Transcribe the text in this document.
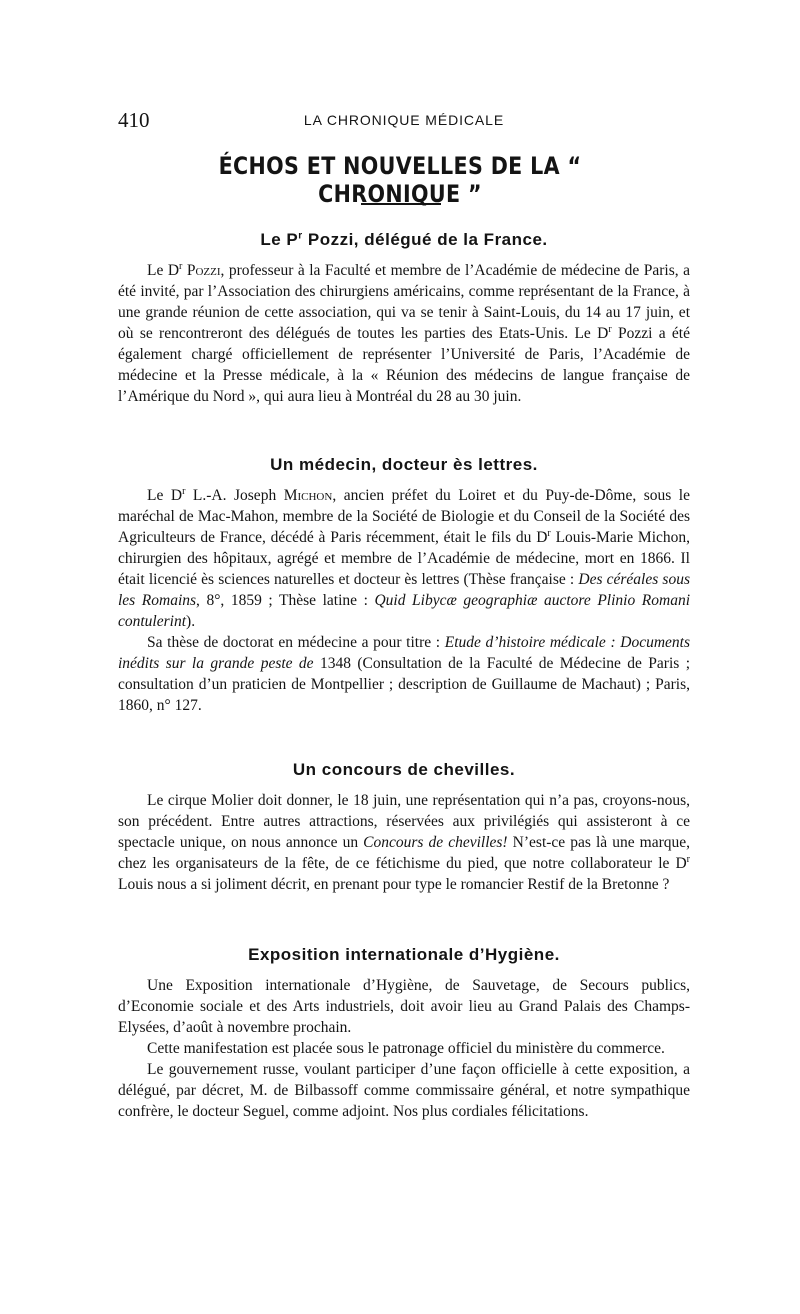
410	LA CHRONIQUE MÉDICALE
ÉCHOS ET NOUVELLES DE LA “ CHRONIQUE ”
Le $P^r$ Pozzi, délégué de la France.

Le $D^r$ Pozzi, professeur à la Faculté et membre de l’Académie de médecine de Paris, a été invité, par l’Association des chirurgiens américains, comme représentant de la France, à une grande réunion de cette association, qui va se tenir à Saint-Louis, du 14 au 17 juin, et où se rencontreront des délégués de toutes les parties des Etats-Unis. Le $D^r$ Pozzi a été également chargé officiellement de représenter l’Université de Paris, l’Académie de médecine et la Presse médicale, à la « Réunion des médecins de langue française de l’Amérique du Nord », qui aura lieu à Montréal du 28 au 30 juin.

Un médecin, docteur ès lettres.

Le $D^r$ L.-A. Joseph Michon, ancien préfet du Loiret et du Puy-de-Dôme, sous le maréchal de Mac-Mahon, membre de la Société de Biologie et du Conseil de la Société des Agriculteurs de France, décédé à Paris récemment, était le fils du $D^r$ Louis-Marie Michon, chirurgien des hôpitaux, agrégé et membre de l’Académie de médecine, mort en 1866. Il était licencié ès sciences naturelles et docteur ès lettres (Thèse française : Des céréales sous les Romains, 8°, 1859 ; Thèse latine : Quid Libycæ geographiæ auctore Plinio Romani contulerint).

Sa thèse de doctorat en médecine a pour titre : Etude d’histoire médicale : Documents inédits sur la grande peste de 1348 (Consultation de la Faculté de Médecine de Paris ; consultation d’un praticien de Montpellier ; description de Guillaume de Machaut) ; Paris, 1860, n° 127.

Un concours de chevilles.

Le cirque Molier doit donner, le 18 juin, une représentation qui n’a pas, croyons-nous, son précédent. Entre autres attractions, réservées aux privilégiés qui assisteront à ce spectacle unique, on nous annonce un Concours de chevilles! N’est-ce pas là une marque, chez les organisateurs de la fête, de ce fétichisme du pied, que notre collaborateur le $D^r$ Louis nous a si joliment décrit, en prenant pour type le romancier Restif de la Bretonne ?

Exposition internationale d’Hygiène.

Une Exposition internationale d’Hygiène, de Sauvetage, de Secours publics, d’Economie sociale et des Arts industriels, doit avoir lieu au Grand Palais des Champs-Elysées, d’août à novembre prochain.

Cette manifestation est placée sous le patronage officiel du ministère du commerce.

Le gouvernement russe, voulant participer d’une façon officielle à cette exposition, a délégué, par décret, M. de Bilbassoff comme commissaire général, et notre sympathique confrère, le docteur Seguel, comme adjoint. Nos plus cordiales félicitations.
